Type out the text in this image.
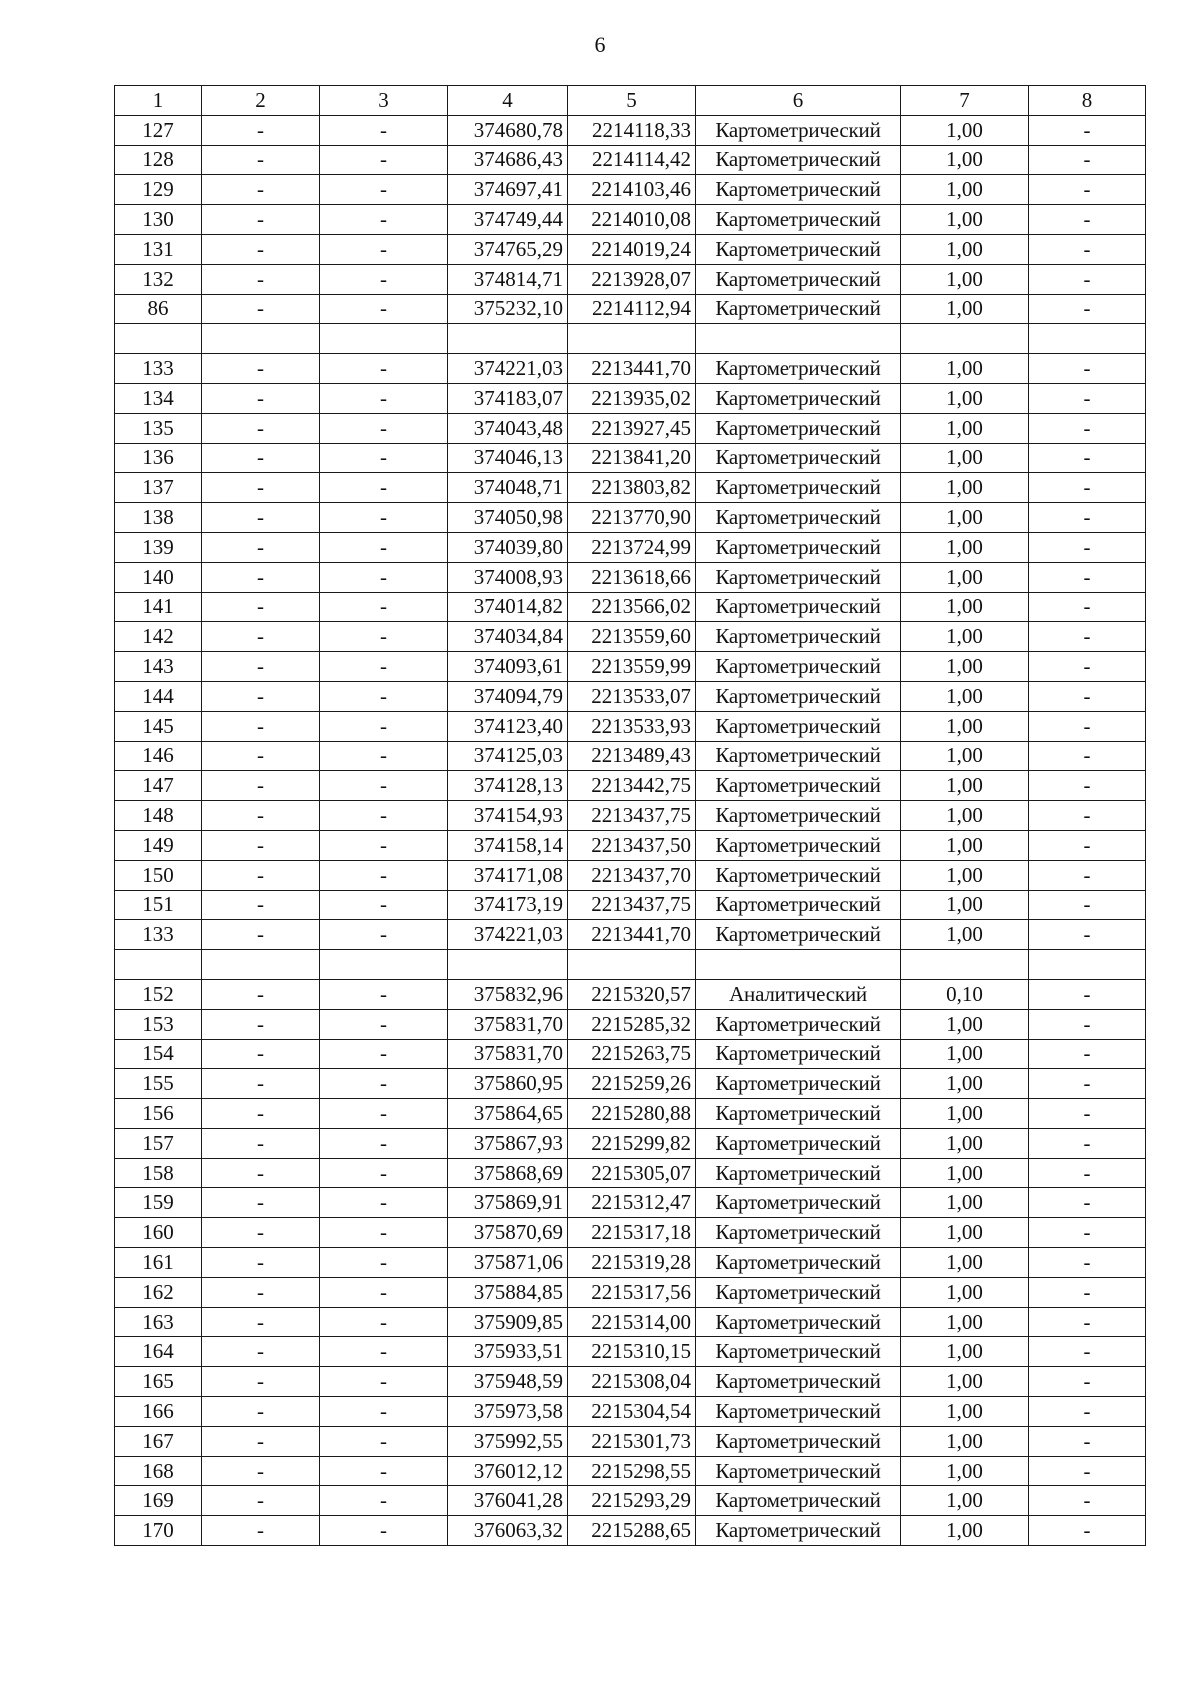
6
1	2	3	4	5	6	7	8
127	-	-	374680,78	2214118,33	Картометрический	1,00	-
128	-	-	374686,43	2214114,42	Картометрический	1,00	-
129	-	-	374697,41	2214103,46	Картометрический	1,00	-
130	-	-	374749,44	2214010,08	Картометрический	1,00	-
131	-	-	374765,29	2214019,24	Картометрический	1,00	-
132	-	-	374814,71	2213928,07	Картометрический	1,00	-
86	-	-	375232,10	2214112,94	Картометрический	1,00	-

133	-	-	374221,03	2213441,70	Картометрический	1,00	-
134	-	-	374183,07	2213935,02	Картометрический	1,00	-
135	-	-	374043,48	2213927,45	Картометрический	1,00	-
136	-	-	374046,13	2213841,20	Картометрический	1,00	-
137	-	-	374048,71	2213803,82	Картометрический	1,00	-
138	-	-	374050,98	2213770,90	Картометрический	1,00	-
139	-	-	374039,80	2213724,99	Картометрический	1,00	-
140	-	-	374008,93	2213618,66	Картометрический	1,00	-
141	-	-	374014,82	2213566,02	Картометрический	1,00	-
142	-	-	374034,84	2213559,60	Картометрический	1,00	-
143	-	-	374093,61	2213559,99	Картометрический	1,00	-
144	-	-	374094,79	2213533,07	Картометрический	1,00	-
145	-	-	374123,40	2213533,93	Картометрический	1,00	-
146	-	-	374125,03	2213489,43	Картометрический	1,00	-
147	-	-	374128,13	2213442,75	Картометрический	1,00	-
148	-	-	374154,93	2213437,75	Картометрический	1,00	-
149	-	-	374158,14	2213437,50	Картометрический	1,00	-
150	-	-	374171,08	2213437,70	Картометрический	1,00	-
151	-	-	374173,19	2213437,75	Картометрический	1,00	-
133	-	-	374221,03	2213441,70	Картометрический	1,00	-

152	-	-	375832,96	2215320,57	Аналитический	0,10	-
153	-	-	375831,70	2215285,32	Картометрический	1,00	-
154	-	-	375831,70	2215263,75	Картометрический	1,00	-
155	-	-	375860,95	2215259,26	Картометрический	1,00	-
156	-	-	375864,65	2215280,88	Картометрический	1,00	-
157	-	-	375867,93	2215299,82	Картометрический	1,00	-
158	-	-	375868,69	2215305,07	Картометрический	1,00	-
159	-	-	375869,91	2215312,47	Картометрический	1,00	-
160	-	-	375870,69	2215317,18	Картометрический	1,00	-
161	-	-	375871,06	2215319,28	Картометрический	1,00	-
162	-	-	375884,85	2215317,56	Картометрический	1,00	-
163	-	-	375909,85	2215314,00	Картометрический	1,00	-
164	-	-	375933,51	2215310,15	Картометрический	1,00	-
165	-	-	375948,59	2215308,04	Картометрический	1,00	-
166	-	-	375973,58	2215304,54	Картометрический	1,00	-
167	-	-	375992,55	2215301,73	Картометрический	1,00	-
168	-	-	376012,12	2215298,55	Картометрический	1,00	-
169	-	-	376041,28	2215293,29	Картометрический	1,00	-
170	-	-	376063,32	2215288,65	Картометрический	1,00	-
